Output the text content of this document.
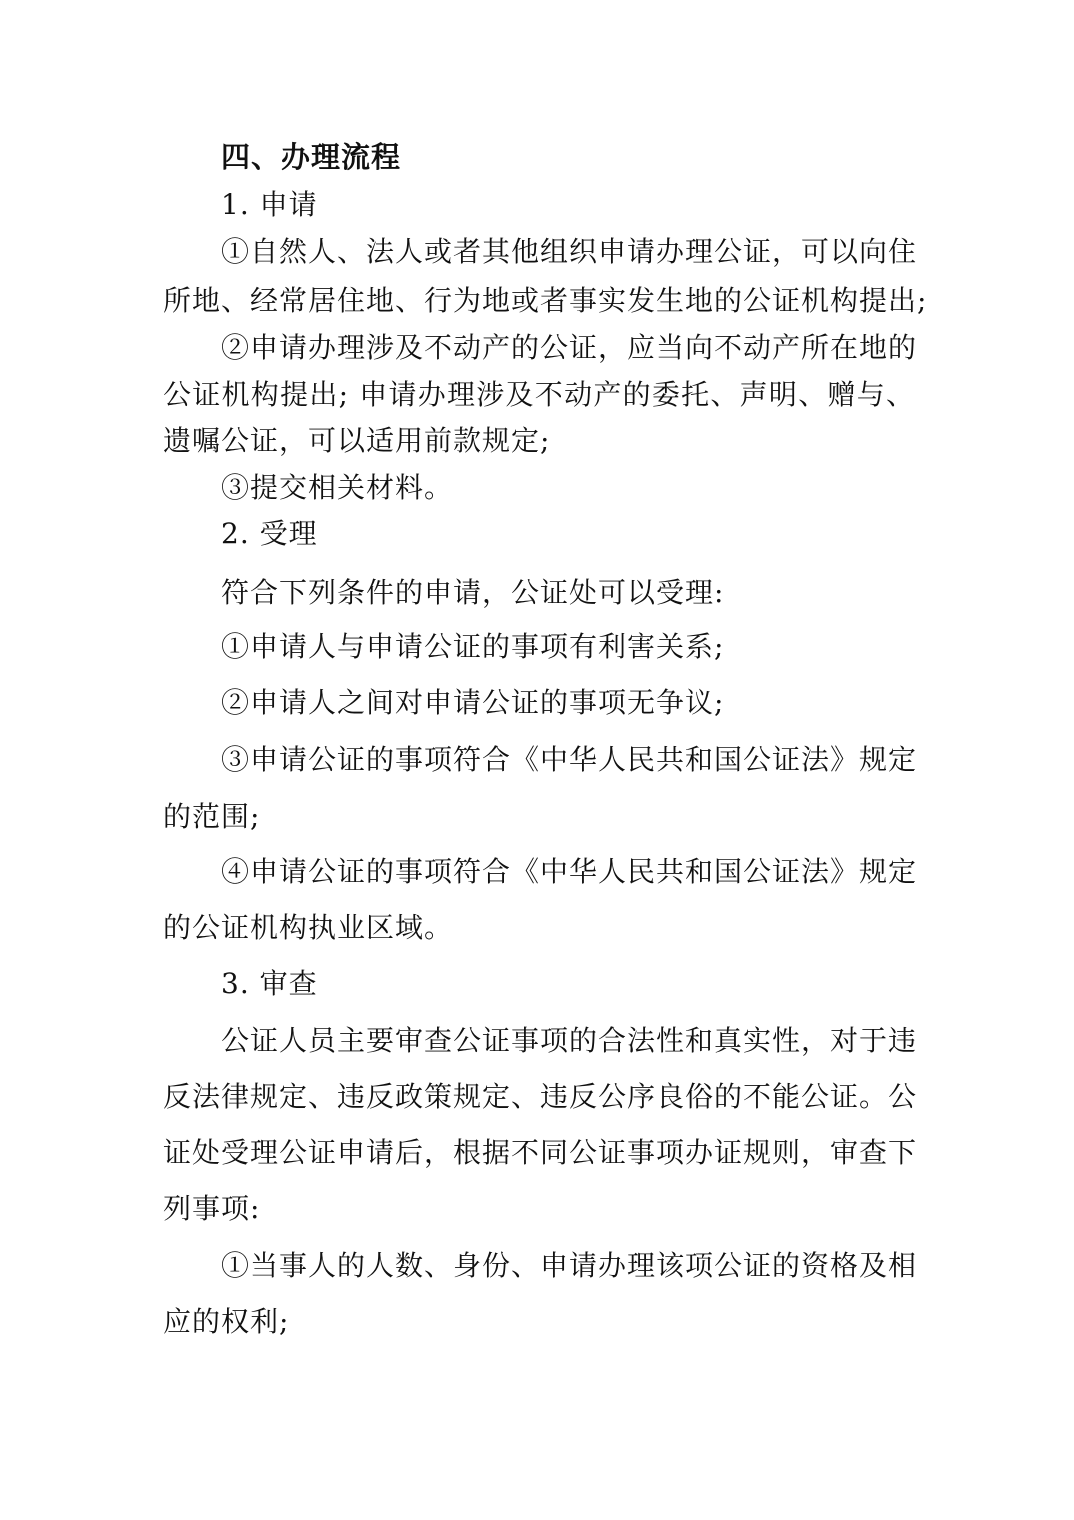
四、办理流程
1. 申请
①自然人、法人或者其他组织申请办理公证，可以向住
所地、经常居住地、行为地或者事实发生地的公证机构提出;
②申请办理涉及不动产的公证，应当向不动产所在地的
公证机构提出; 申请办理涉及不动产的委托、声明、赠与、
遗嘱公证，可以适用前款规定;
③提交相关材料。
2. 受理
符合下列条件的申请，公证处可以受理:
①申请人与申请公证的事项有利害关系;
②申请人之间对申请公证的事项无争议;
③申请公证的事项符合《中华人民共和国公证法》规定
的范围;
④申请公证的事项符合《中华人民共和国公证法》规定
的公证机构执业区域。
3. 审查
公证人员主要审查公证事项的合法性和真实性，对于违
反法律规定、违反政策规定、违反公序良俗的不能公证。公
证处受理公证申请后，根据不同公证事项办证规则，审查下
列事项:
①当事人的人数、身份、申请办理该项公证的资格及相
应的权利;
